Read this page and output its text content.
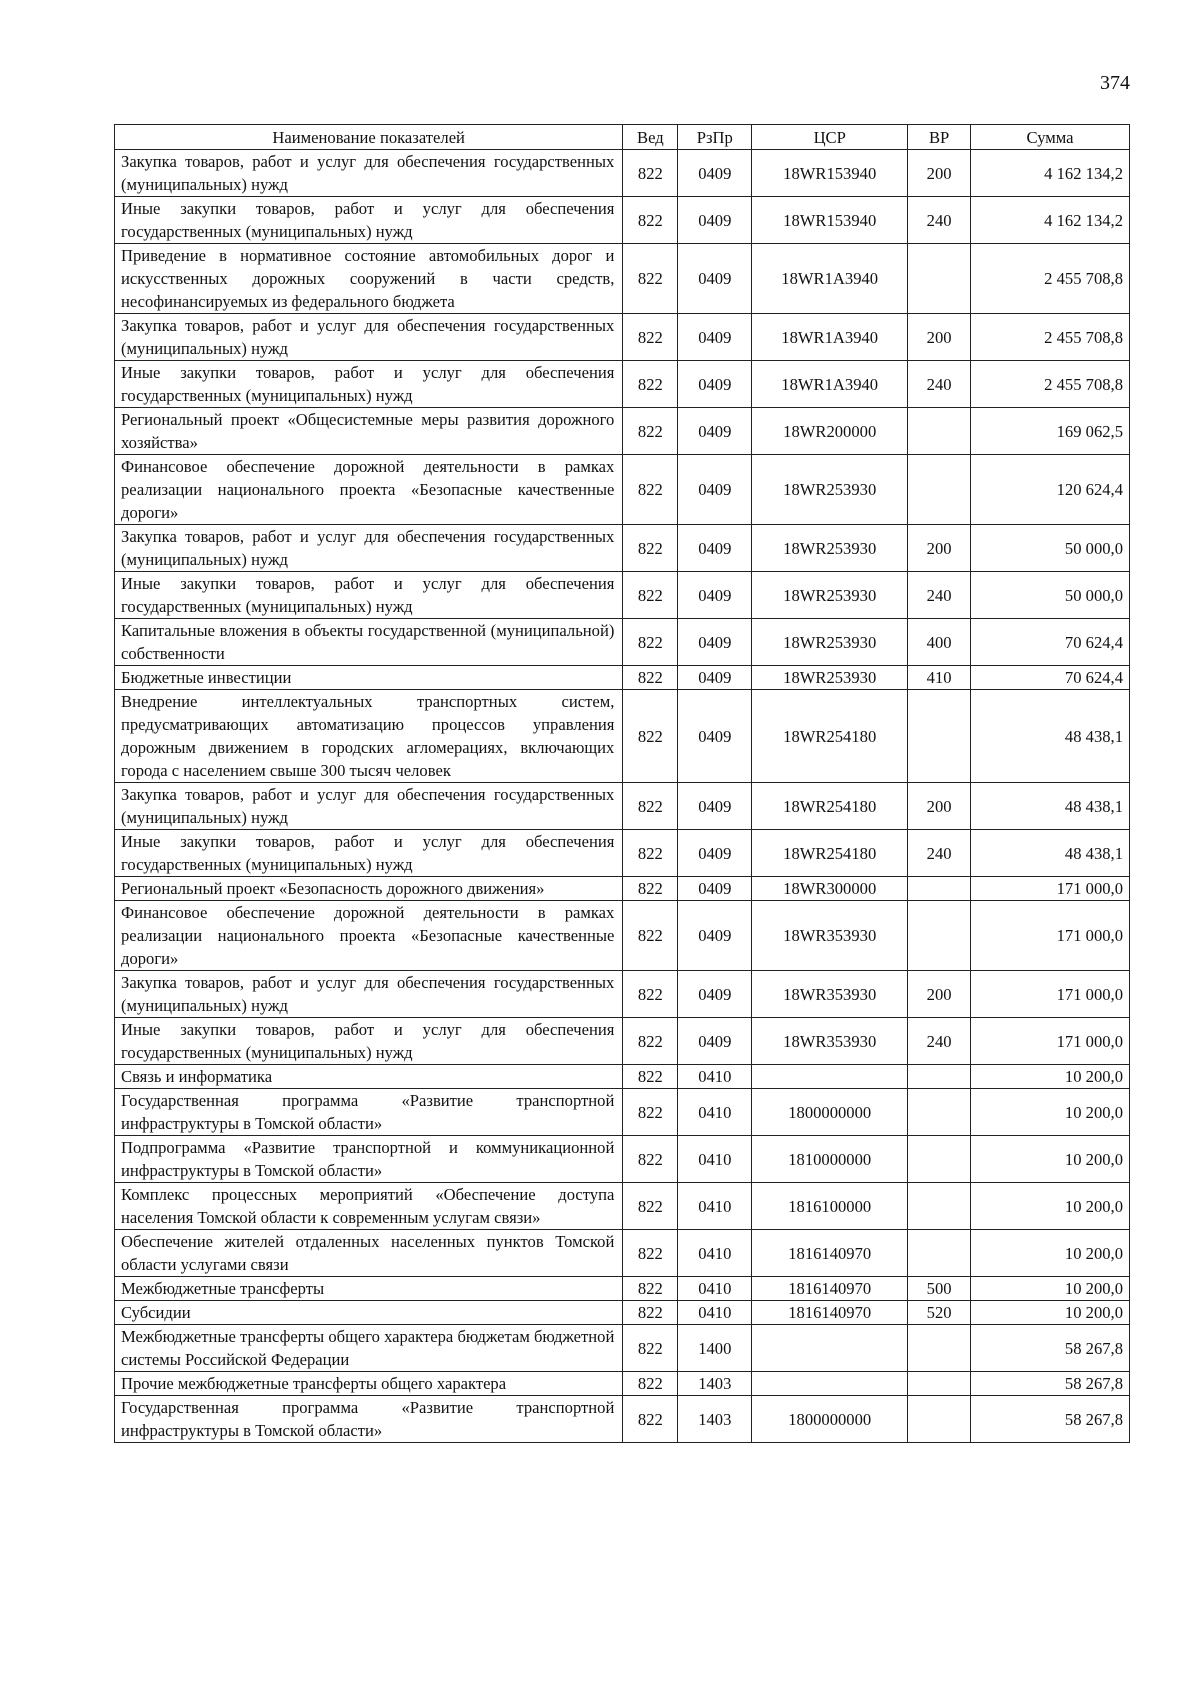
374
Наименование показателей	Вед	РзПр	ЦСР	ВР	Сумма
Закупка товаров, работ и услуг для обеспечения государственных (муниципальных) нужд	822	0409	18WR153940	200	4 162 134,2
Иные закупки товаров, работ и услуг для обеспечения государственных (муниципальных) нужд	822	0409	18WR153940	240	4 162 134,2
Приведение в нормативное состояние автомобильных дорог и искусственных дорожных сооружений в части средств, несофинансируемых из федерального бюджета	822	0409	18WR1A3940		2 455 708,8
Закупка товаров, работ и услуг для обеспечения государственных (муниципальных) нужд	822	0409	18WR1A3940	200	2 455 708,8
Иные закупки товаров, работ и услуг для обеспечения государственных (муниципальных) нужд	822	0409	18WR1A3940	240	2 455 708,8
Региональный проект «Общесистемные меры развития дорожного хозяйства»	822	0409	18WR200000		169 062,5
Финансовое обеспечение дорожной деятельности в рамках реализации национального проекта «Безопасные качественные дороги»	822	0409	18WR253930		120 624,4
Закупка товаров, работ и услуг для обеспечения государственных (муниципальных) нужд	822	0409	18WR253930	200	50 000,0
Иные закупки товаров, работ и услуг для обеспечения государственных (муниципальных) нужд	822	0409	18WR253930	240	50 000,0
Капитальные вложения в объекты государственной (муниципальной) собственности	822	0409	18WR253930	400	70 624,4
Бюджетные инвестиции	822	0409	18WR253930	410	70 624,4
Внедрение интеллектуальных транспортных систем, предусматривающих автоматизацию процессов управления дорожным движением в городских агломерациях, включающих города с населением свыше 300 тысяч человек	822	0409	18WR254180		48 438,1
Закупка товаров, работ и услуг для обеспечения государственных (муниципальных) нужд	822	0409	18WR254180	200	48 438,1
Иные закупки товаров, работ и услуг для обеспечения государственных (муниципальных) нужд	822	0409	18WR254180	240	48 438,1
Региональный проект «Безопасность дорожного движения»	822	0409	18WR300000		171 000,0
Финансовое обеспечение дорожной деятельности в рамках реализации национального проекта «Безопасные качественные дороги»	822	0409	18WR353930		171 000,0
Закупка товаров, работ и услуг для обеспечения государственных (муниципальных) нужд	822	0409	18WR353930	200	171 000,0
Иные закупки товаров, работ и услуг для обеспечения государственных (муниципальных) нужд	822	0409	18WR353930	240	171 000,0
Связь и информатика	822	0410			10 200,0
Государственная программа «Развитие транспортной инфраструктуры в Томской области»	822	0410	1800000000		10 200,0
Подпрограмма «Развитие транспортной и коммуникационной инфраструктуры в Томской области»	822	0410	1810000000		10 200,0
Комплекс процессных мероприятий «Обеспечение доступа населения Томской области к современным услугам связи»	822	0410	1816100000		10 200,0
Обеспечение жителей отдаленных населенных пунктов Томской области услугами связи	822	0410	1816140970		10 200,0
Межбюджетные трансферты	822	0410	1816140970	500	10 200,0
Субсидии	822	0410	1816140970	520	10 200,0
Межбюджетные трансферты общего характера бюджетам бюджетной системы Российской Федерации	822	1400			58 267,8
Прочие межбюджетные трансферты общего характера	822	1403			58 267,8
Государственная программа «Развитие транспортной инфраструктуры в Томской области»	822	1403	1800000000		58 267,8
